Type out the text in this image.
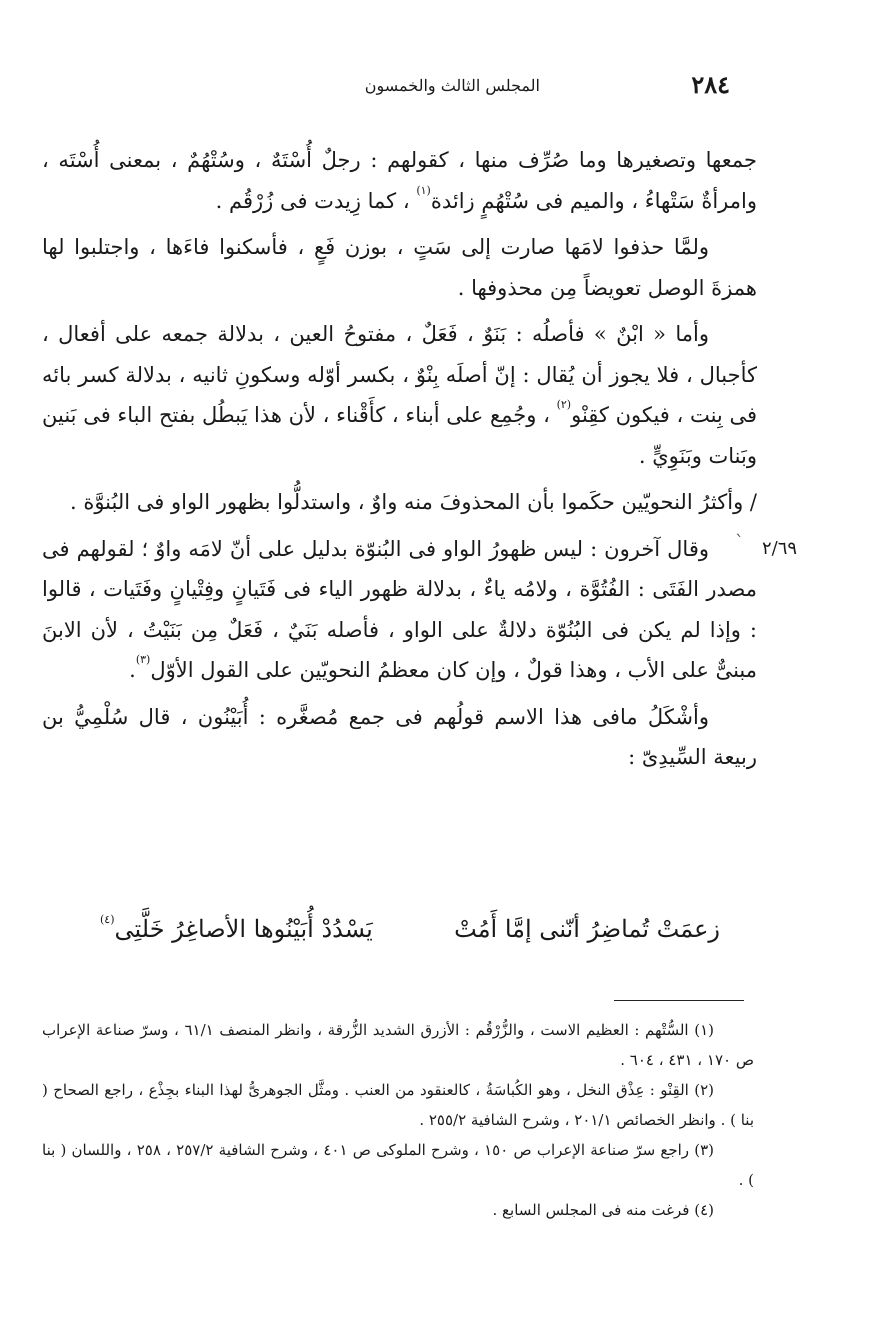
٢٨٤
المجلس الثالث والخمسون
ˋ ٢/٦٩

جمعها وتصغيرها وما صُرِّف منها ، كقولهم : رجلٌ أُسْتَهٌ ، وسُتْهُمٌ ، بمعنى أُسْتَه ، وامرأةٌ سَتْهاءُ ، والميم فى سُتْهُمٍ زائدة$^{(١)}$ ، كما زِيدت فى زُرْقُم .

ولمَّا حذفوا لامَها صارت إلى سَتٍ ، بوزن فَعٍ ، فأسكنوا فاءَها ، واجتلبوا لها همزةَ الوصل تعويضاً مِن محذوفها .

وأما « ابْنٌ » فأصلُه : بَنَوٌ ، فَعَلٌ ، مفتوحُ العين ، بدلالة جمعه على أفعال ، كأجبال ، فلا يجوز أن يُقال : إنّ أصلَه بِنْوٌ ، بكسر أوّله وسكونِ ثانيه ، بدلالة كسر بائه فى بِنت ، فيكون كقِنْو$^{(٢)}$ ، وجُمِع على أبناء ، كأَقْناء ، لأن هذا يَبطُل بفتح الباء فى بَنين وبَنات وبَنَوِيٍّ .

/ وأكثرُ النحويّين حكَموا بأن المحذوفَ منه واوٌ ، واستدلُّوا بظهور الواو فى البُنوَّة .

وقال آخرون : ليس ظهورُ الواو فى البُنوّة بدليل على أنّ لامَه واوٌ ؛ لقولهم فى مصدر الفَتَى : الفُتُوَّة ، ولامُه ياءٌ ، بدلالة ظهور الياء فى فَتَيانٍ وفِتْيانٍ وفَتَيات ، قالوا : وإذا لم يكن فى البُنُوّة دلالةٌ على الواو ، فأصله بَنَيٌ ، فَعَلٌ مِن بَنَيْتُ ، لأن الابنَ مبنىٌّ على الأب ، وهذا قولٌ ، وإن كان معظمُ النحويّين على القول الأوّل$^{(٣)}$.

وأشْكَلُ مافى هذا الاسم قولُهم فى جمع مُصغَّره : أُبَيْنُون ، قال سُلْمِيُّ بن ربيعة السِّيدِىّ :

زعمَتْ تُماضِرُ أنّنى إمَّا أَمُتْ
يَسْدُدْ أُبَيْنُوها الأصاغِرُ خَلَّتِى$^{(٤)}$

(١) السُّتْهم : العظيم الاست ، والزُّرْقُم : الأزرق الشديد الزُّرقة ، وانظر المنصف ٦١/١ ، وسرّ صناعة الإعراب ص ١٧٠ ، ٤٣١ ، ٦٠٤ .

(٢) القِنْو : عِذْق النخل ، وهو الكُباسَةُ ، كالعنقود من العنب . ومثَّل الجوهرىُّ لهذا البناء بجِذْع ، راجع الصحاح ( بنا ) . وانظر الخصائص ٢٠١/١ ، وشرح الشافية ٢٥٥/٢ .

(٣) راجع سرّ صناعة الإعراب ص ١٥٠ ، وشرح الملوكى ص ٤٠١ ، وشرح الشافية ٢٥٧/٢ ، ٢٥٨ ، واللسان ( بنا ) .

(٤) فرغت منه فى المجلس السابع .
